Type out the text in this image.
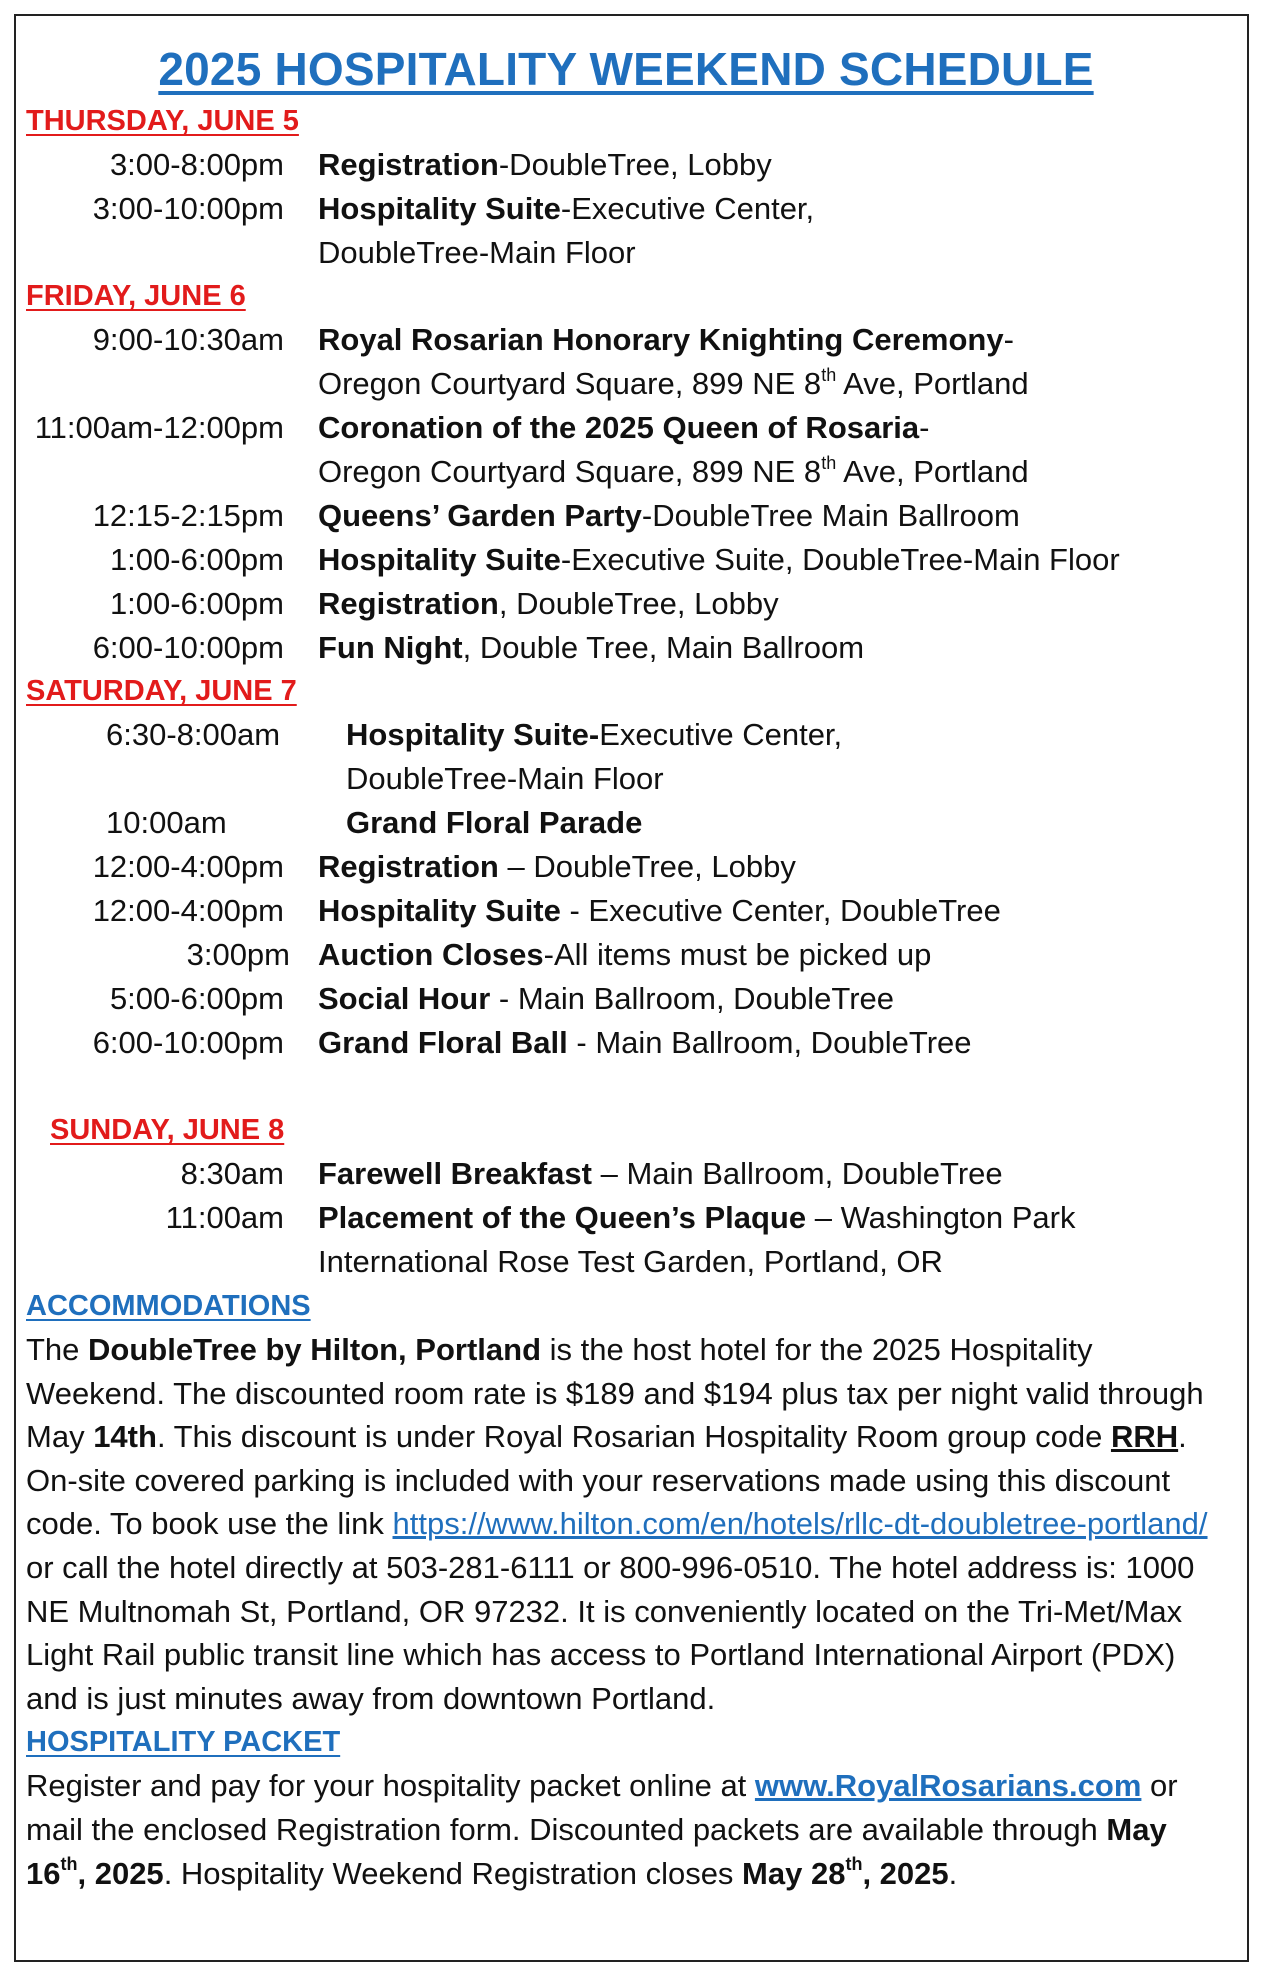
2025 HOSPITALITY WEEKEND SCHEDULE
THURSDAY, JUNE 5
3:00-8:00pm	Registration-DoubleTree, Lobby
3:00-10:00pm	Hospitality Suite-Executive Center,
DoubleTree-Main Floor
FRIDAY, JUNE 6
9:00-10:30am	Royal Rosarian Honorary Knighting Ceremony-
Oregon Courtyard Square, 899 NE 8th Ave, Portland
11:00am-12:00pm	Coronation of the 2025 Queen of Rosaria-
Oregon Courtyard Square, 899 NE 8th Ave, Portland
12:15-2:15pm	Queens’ Garden Party-DoubleTree Main Ballroom
1:00-6:00pm	Hospitality Suite-Executive Suite, DoubleTree-Main Floor
1:00-6:00pm	Registration, DoubleTree, Lobby
6:00-10:00pm	Fun Night, Double Tree, Main Ballroom
SATURDAY, JUNE 7
6:30-8:00am	Hospitality Suite-Executive Center,
DoubleTree-Main Floor
10:00am	Grand Floral Parade
12:00-4:00pm	Registration – DoubleTree, Lobby
12:00-4:00pm	Hospitality Suite - Executive Center, DoubleTree
3:00pm Auction Closes-All items must be picked up
5:00-6:00pm	Social Hour - Main Ballroom, DoubleTree
6:00-10:00pm	Grand Floral Ball - Main Ballroom, DoubleTree
SUNDAY, JUNE 8
8:30am	Farewell Breakfast – Main Ballroom, DoubleTree
11:00am	Placement of the Queen’s Plaque – Washington Park
International Rose Test Garden, Portland, OR
ACCOMMODATIONS

The DoubleTree by Hilton, Portland is the host hotel for the 2025 Hospitality Weekend. The discounted room rate is $189 and $194 plus tax per night valid through May 14th. This discount is under Royal Rosarian Hospitality Room group code RRH. On-site covered parking is included with your reservations made using this discount code. To book use the link https://www.hilton.com/en/hotels/rllc-dt-doubletree-portland/ or call the hotel directly at 503-281-6111 or 800-996-0510. The hotel address is: 1000 NE Multnomah St, Portland, OR 97232. It is conveniently located on the Tri-Met/Max Light Rail public transit line which has access to Portland International Airport (PDX) and is just minutes away from downtown Portland.

HOSPITALITY PACKET

Register and pay for your hospitality packet online at www.RoyalRosarians.com or mail the enclosed Registration form. Discounted packets are available through May 16th, 2025. Hospitality Weekend Registration closes May 28th, 2025.
